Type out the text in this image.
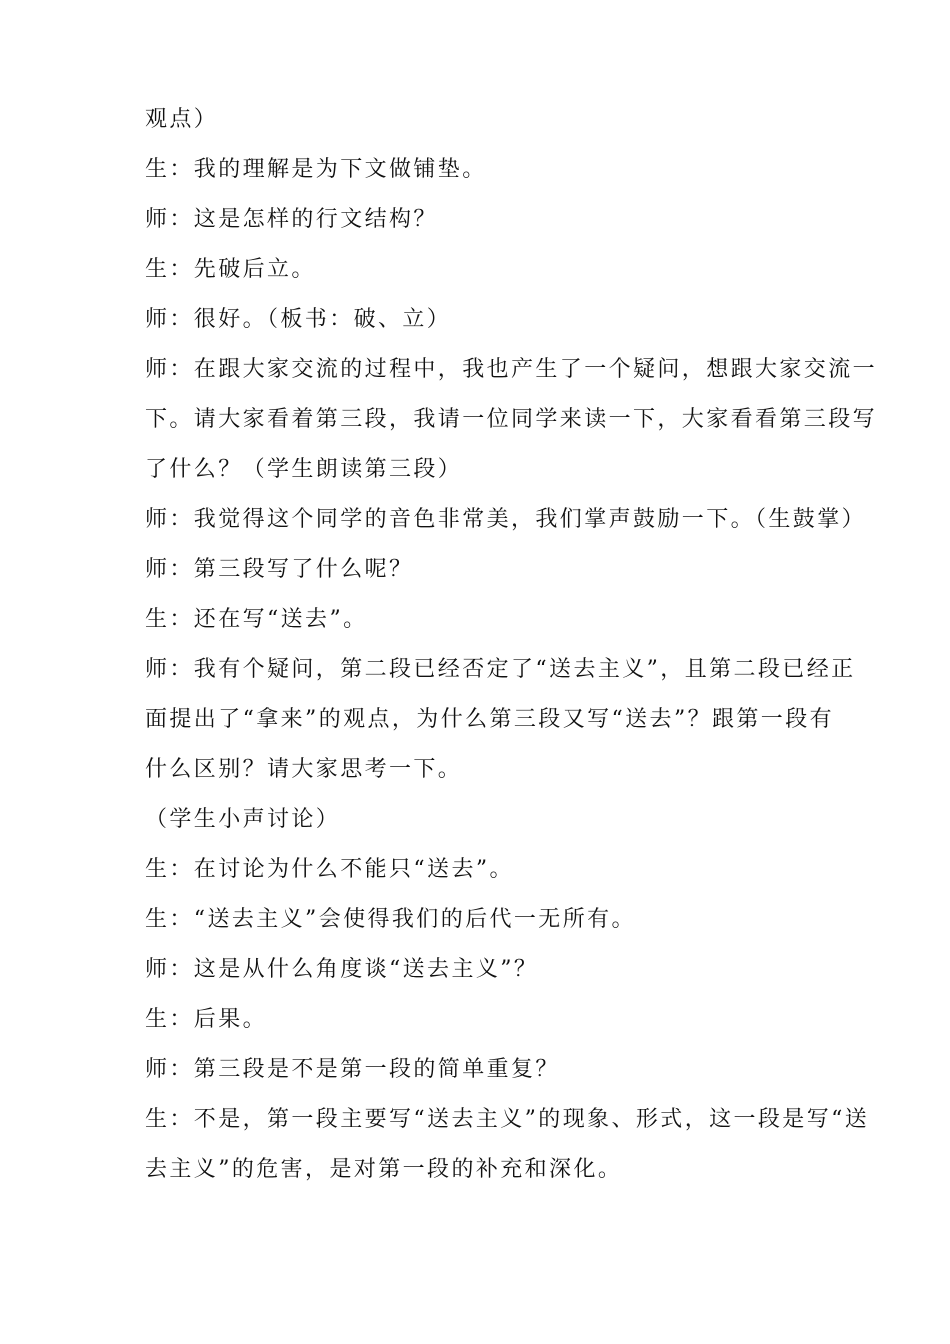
观点）
生：我的理解是为下文做铺垫。
师：这是怎样的行文结构？
生：先破后立。
师：很好。（板书：破、立）
师：在跟大家交流的过程中，我也产生了一个疑问，想跟大家交流一
下。请大家看着第三段，我请一位同学来读一下，大家看看第三段写
了什么？（学生朗读第三段）
师：我觉得这个同学的音色非常美，我们掌声鼓励一下。（生鼓掌）
师：第三段写了什么呢？
生：还在写“送去”。
师：我有个疑问，第二段已经否定了“送去主义”，且第二段已经正
面提出了“拿来”的观点，为什么第三段又写“送去”？跟第一段有
什么区别？请大家思考一下。
（学生小声讨论）
生：在讨论为什么不能只“送去”。
生：“送去主义”会使得我们的后代一无所有。
师：这是从什么角度谈“送去主义”？
生：后果。
师：第三段是不是第一段的简单重复？
生：不是，第一段主要写“送去主义”的现象、形式，这一段是写“送
去主义”的危害，是对第一段的补充和深化。
